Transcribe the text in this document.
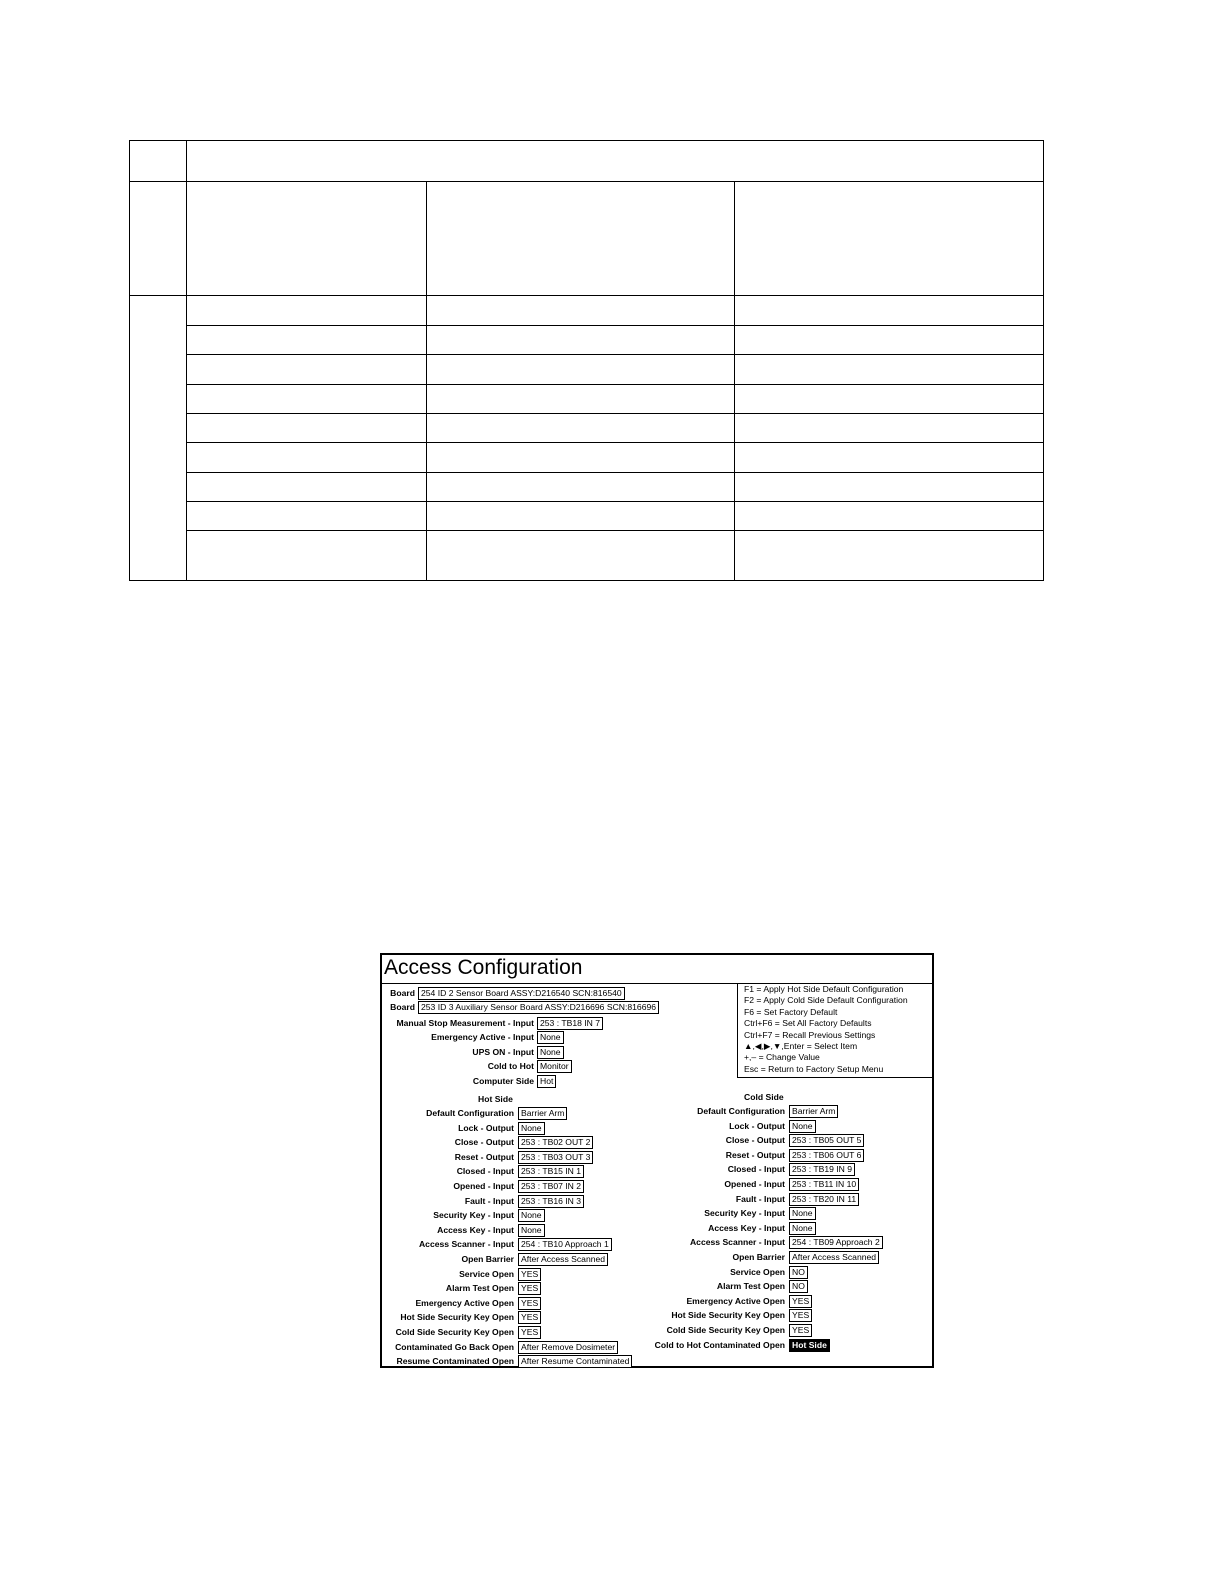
Access Configuration
F1 = Apply Hot Side Default Configuration
F2 = Apply Cold Side Default Configuration
F6 = Set Factory Default
Ctrl+F6 = Set All Factory Defaults
Ctrl+F7 = Recall Previous Settings
▲,◀,▶,▼,Enter = Select Item
+,– = Change Value
Esc = Return to Factory Setup Menu
Board 254 ID 2 Sensor Board ASSY:D216540 SCN:816540
Board 253 ID 3 Auxiliary Sensor Board ASSY:D216696 SCN:816696
Manual Stop Measurement - Input 253 : TB18 IN 7
Emergency Active - Input None
UPS ON - Input None
Cold to Hot Monitor
Computer Side Hot
Hot Side
Default Configuration Barrier Arm
Lock - Output None
Close - Output 253 : TB02 OUT 2
Reset - Output 253 : TB03 OUT 3
Closed - Input 253 : TB15 IN 1
Opened - Input 253 : TB07 IN 2
Fault - Input 253 : TB16 IN 3
Security Key - Input None
Access Key - Input None
Access Scanner - Input 254 : TB10 Approach 1
Open Barrier After Access Scanned
Service Open YES
Alarm Test Open YES
Emergency Active Open YES
Hot Side Security Key Open YES
Cold Side Security Key Open YES
Contaminated Go Back Open After Remove Dosimeter
Resume Contaminated Open After Resume Contaminated
Cold Side
Default Configuration Barrier Arm
Lock - Output None
Close - Output 253 : TB05 OUT 5
Reset - Output 253 : TB06 OUT 6
Closed - Input 253 : TB19 IN 9
Opened - Input 253 : TB11 IN 10
Fault - Input 253 : TB20 IN 11
Security Key - Input None
Access Key - Input None
Access Scanner - Input 254 : TB09 Approach 2
Open Barrier After Access Scanned
Service Open NO
Alarm Test Open NO
Emergency Active Open YES
Hot Side Security Key Open YES
Cold Side Security Key Open YES
Cold to Hot Contaminated Open Hot Side
